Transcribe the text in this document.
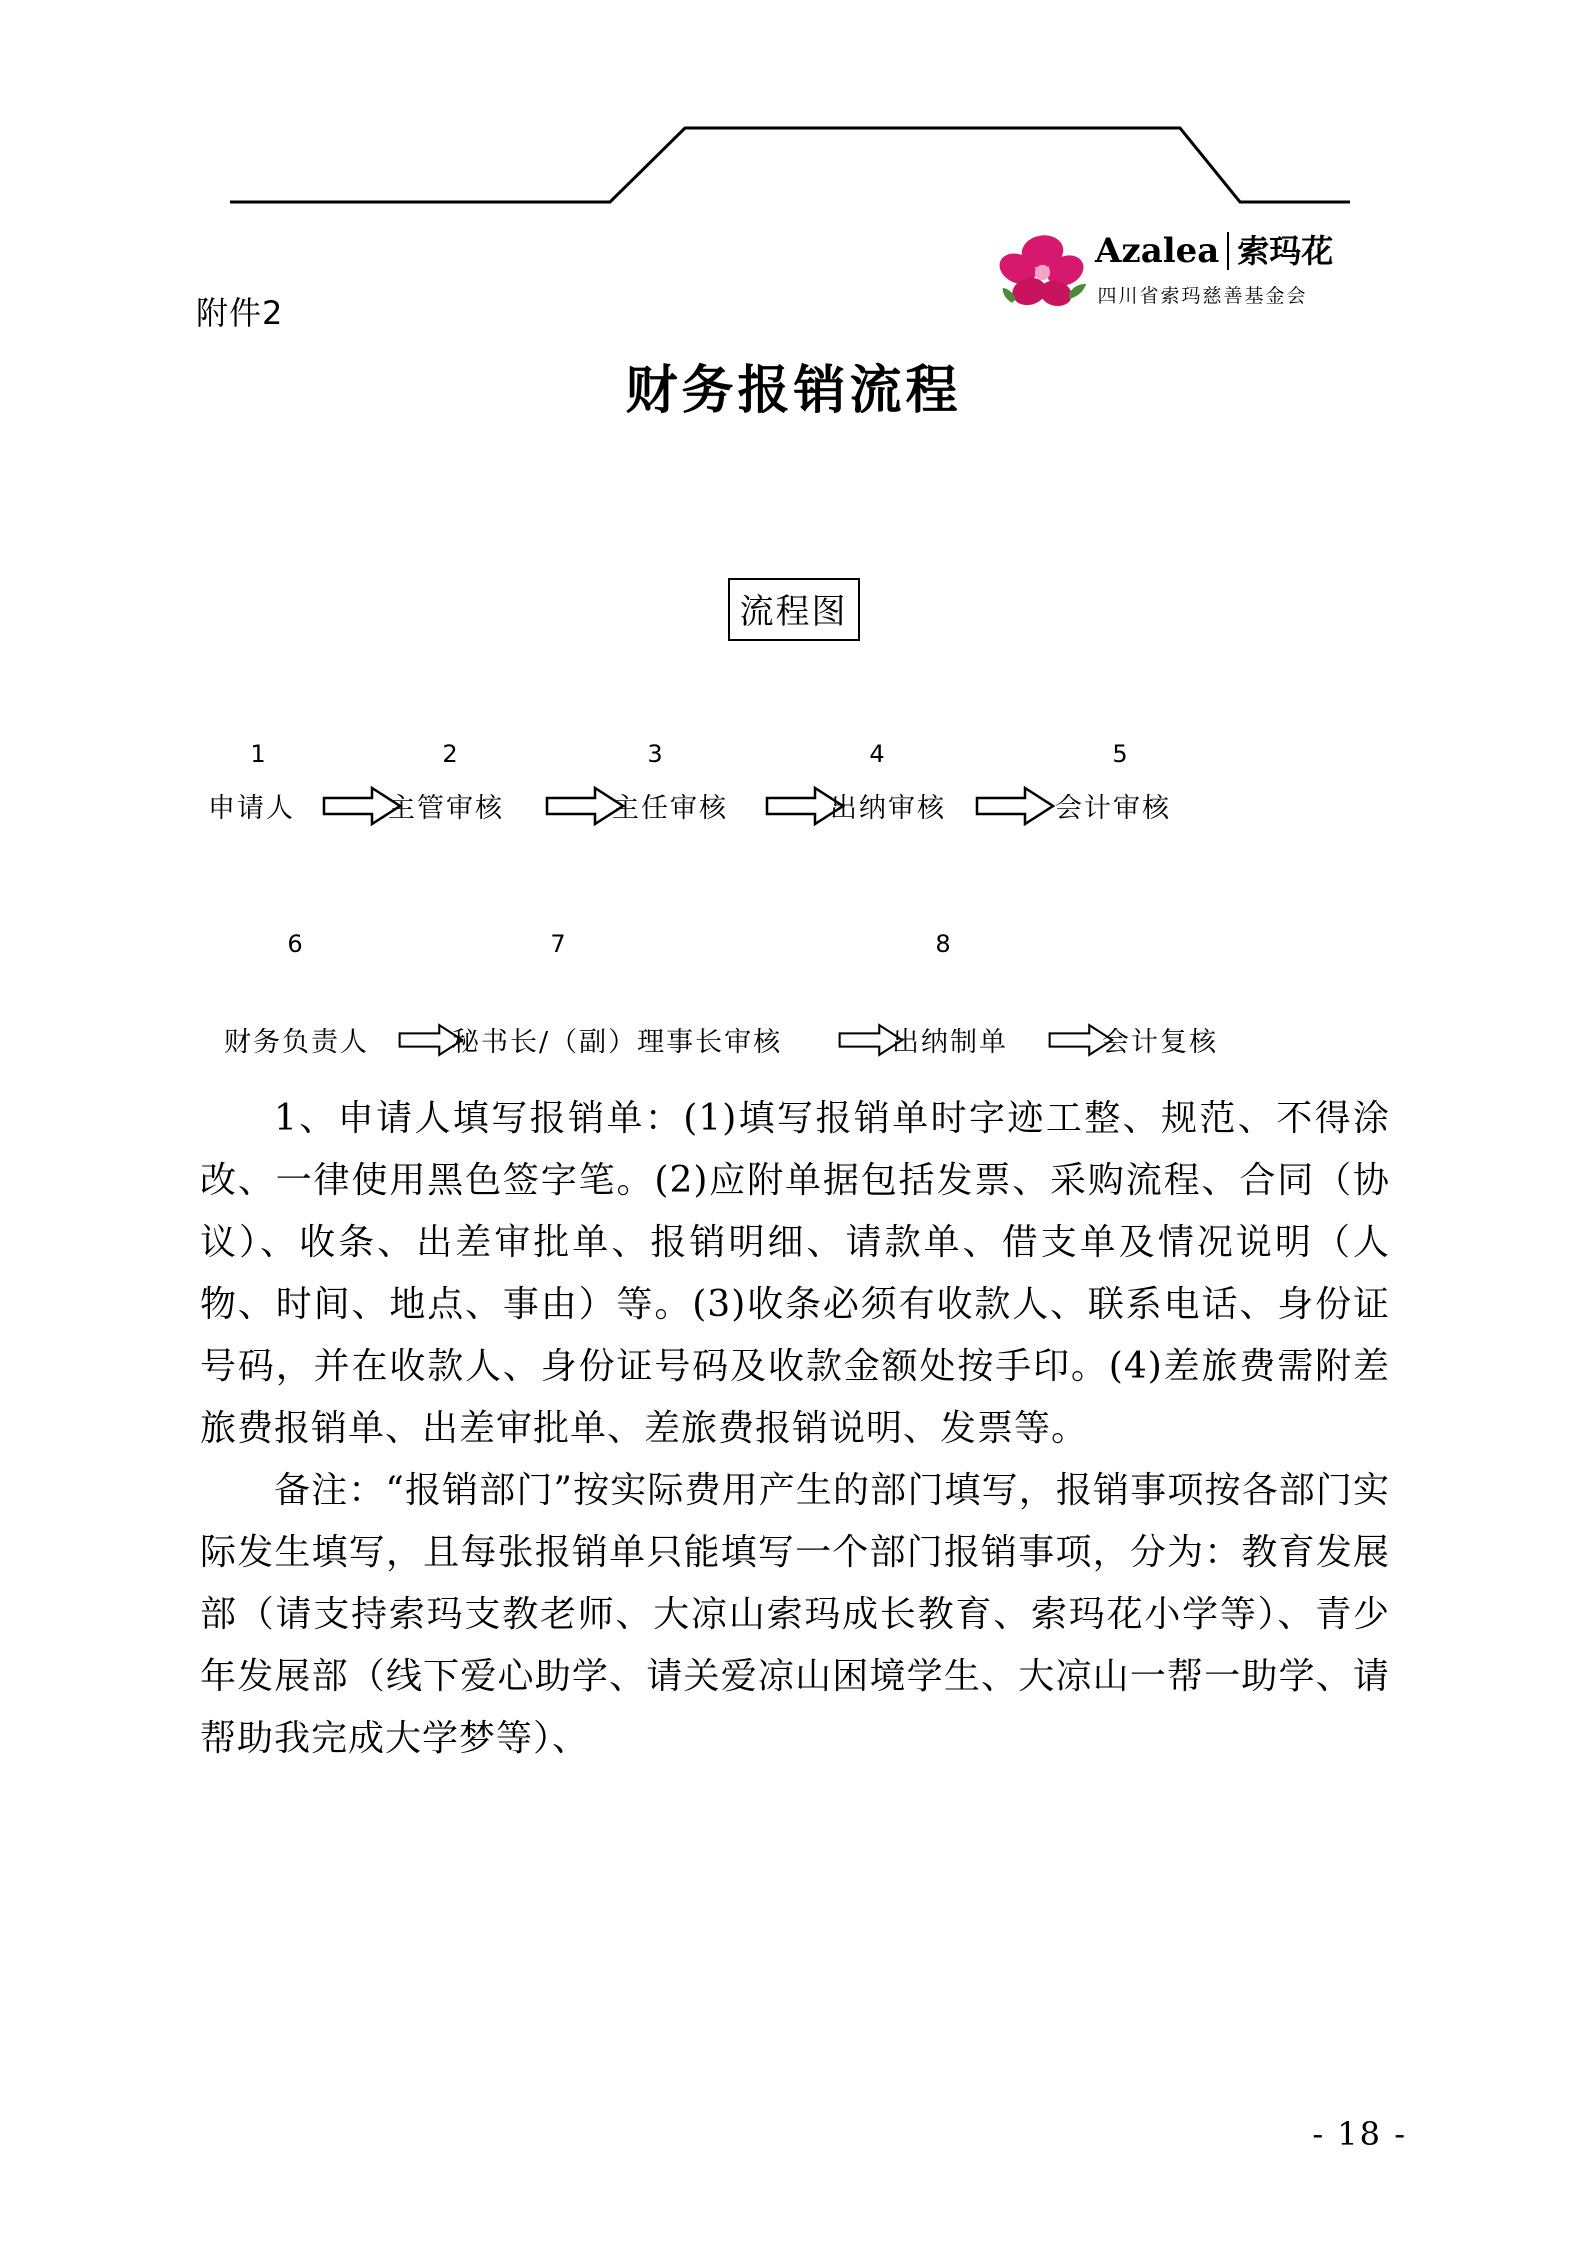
Azalea 索玛花
四川省索玛慈善基金会
附件2
财务报销流程
流程图
1	2	3	4	5
申请人	主管审核	主任审核	出纳审核	会计审核
6	7	8
财务负责人	秘书长/（副）理事长审核	出纳制单	会计复核

1、申请人填写报销单：(1)填写报销单时字迹工整、规范、不得涂改、一律使用黑色签字笔。(2)应附单据包括发票、采购流程、合同（协议）、收条、出差审批单、报销明细、请款单、借支单及情况说明（人物、时间、地点、事由）等。(3)收条必须有收款人、联系电话、身份证号码，并在收款人、身份证号码及收款金额处按手印。(4)差旅费需附差旅费报销单、出差审批单、差旅费报销说明、发票等。

备注：“报销部门”按实际费用产生的部门填写，报销事项按各部门实际发生填写，且每张报销单只能填写一个部门报销事项，分为：教育发展部（请支持索玛支教老师、大凉山索玛成长教育、索玛花小学等）、青少年发展部（线下爱心助学、请关爱凉山困境学生、大凉山一帮一助学、请帮助我完成大学梦等）、

- 18 -
